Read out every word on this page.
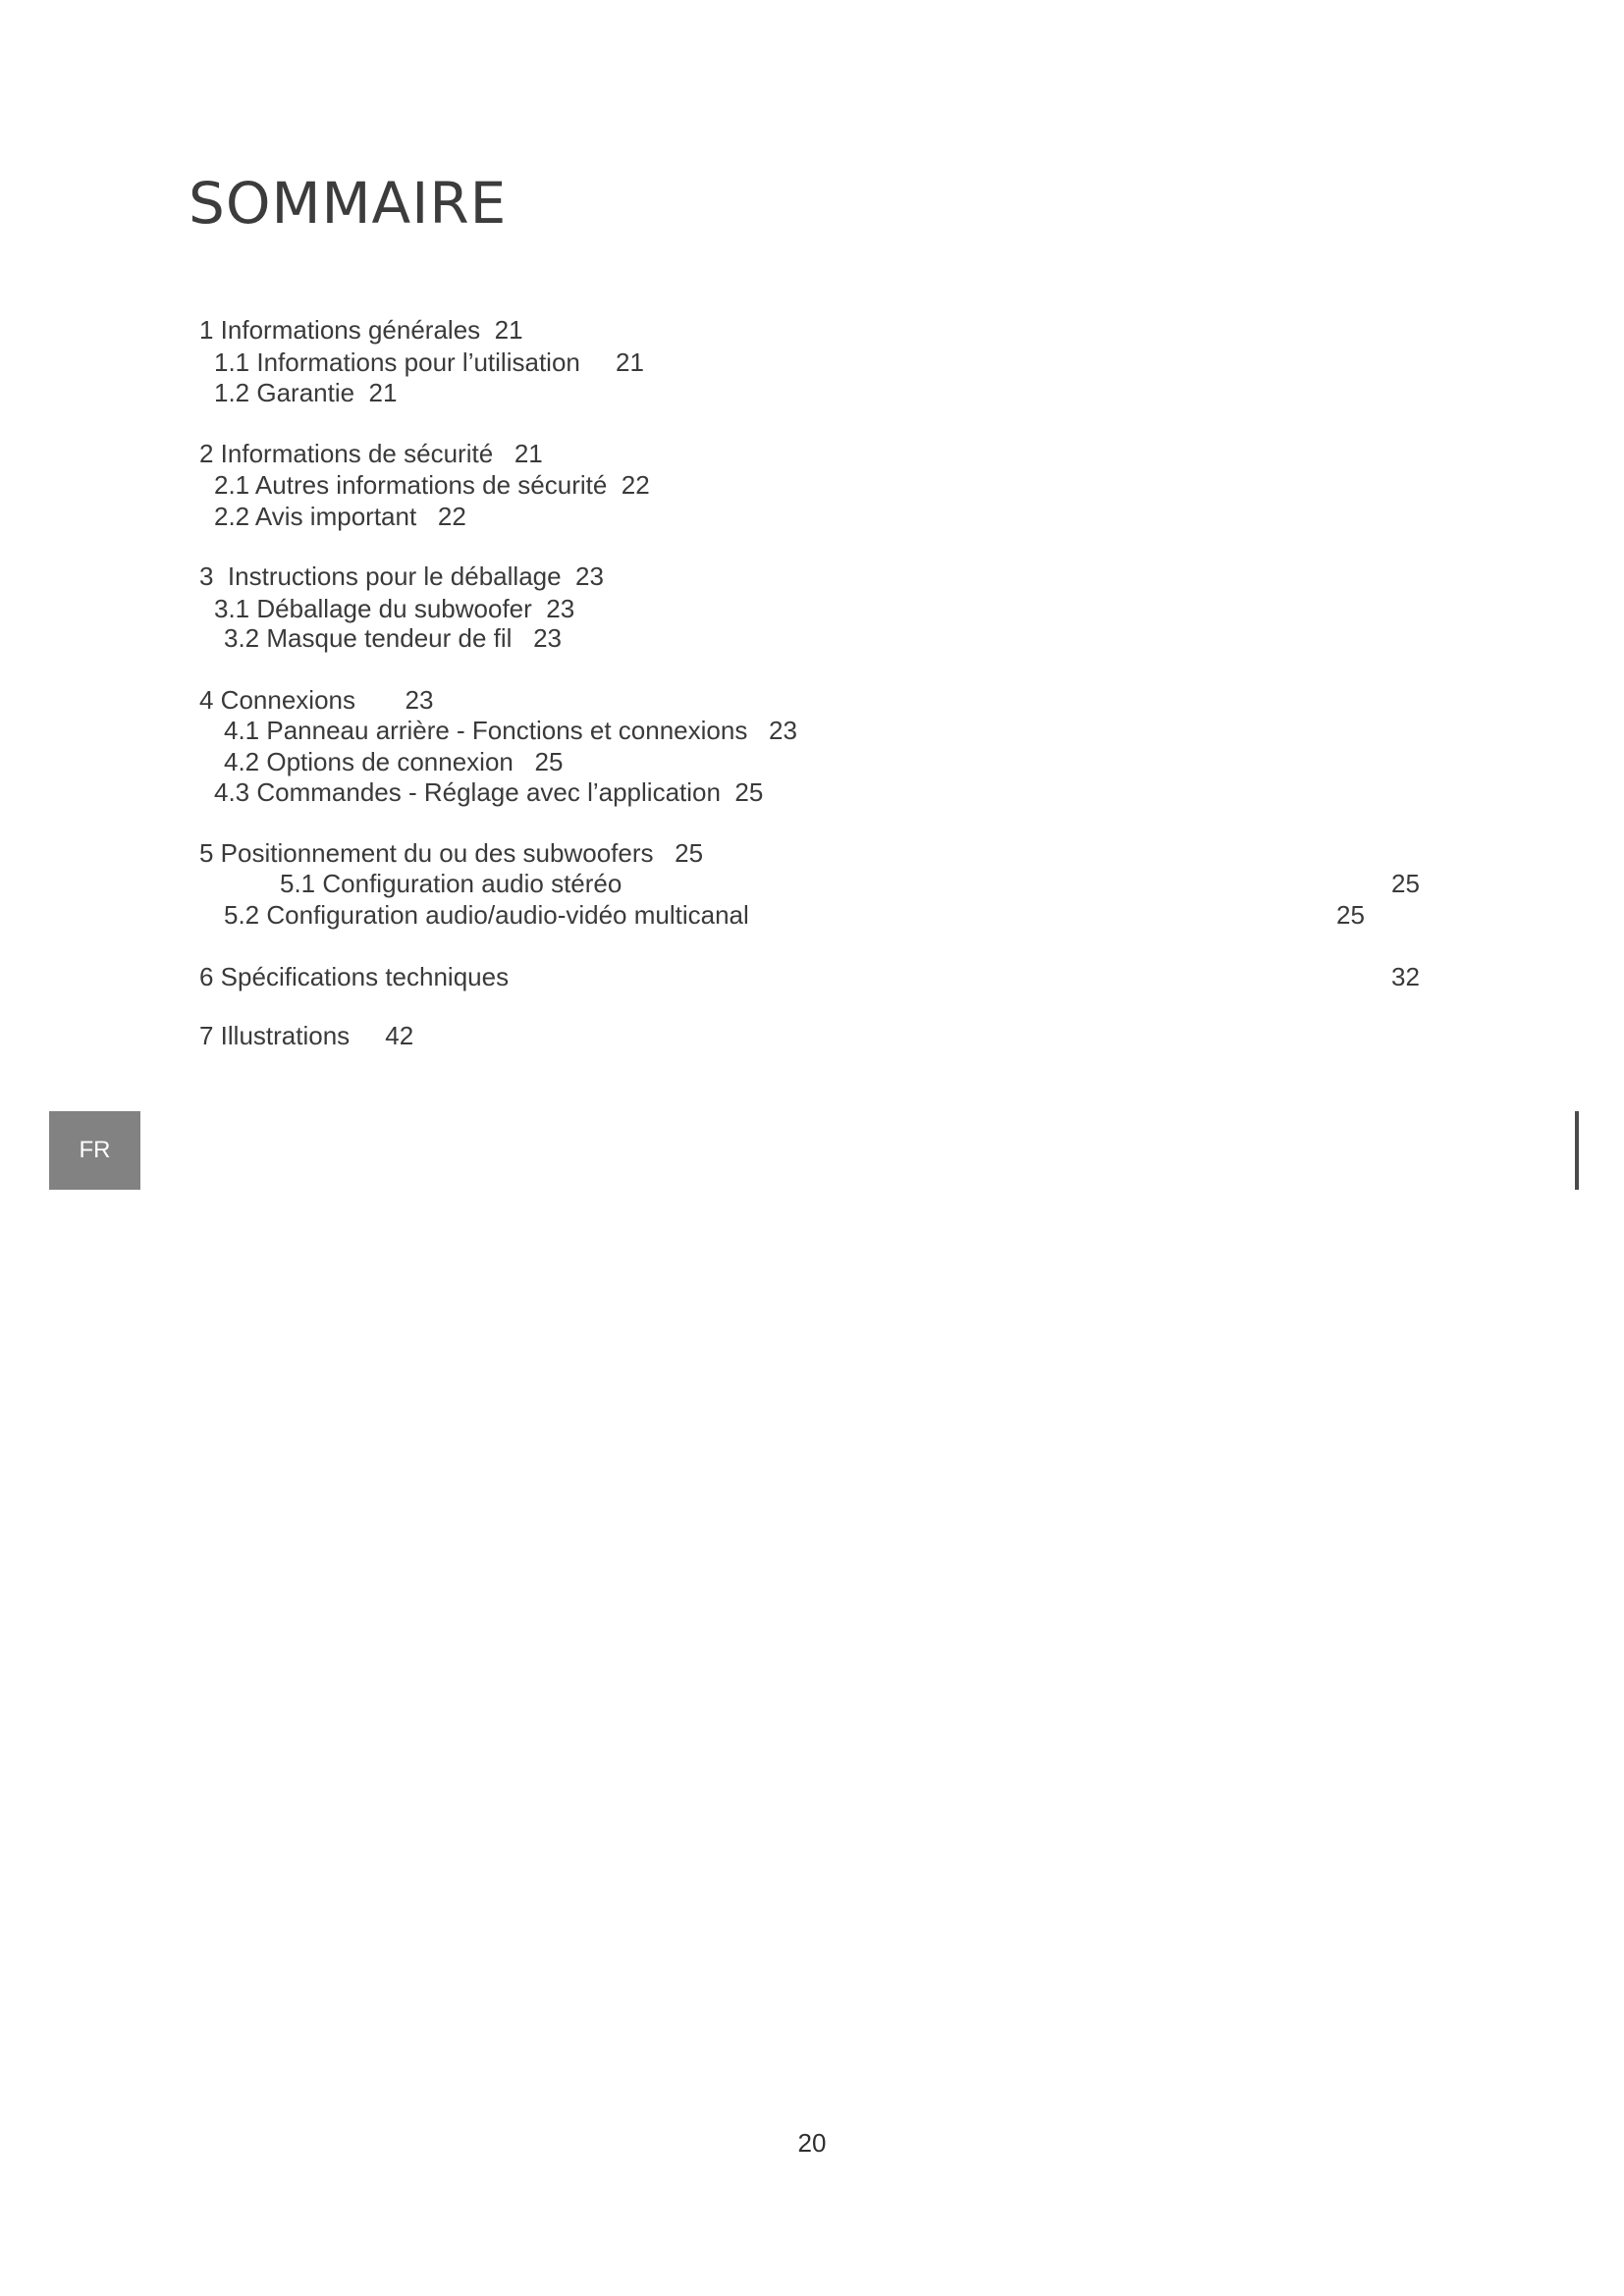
SOMMAIRE
1 Informations générales  21
1.1 Informations pour l’utilisation     21
1.2 Garantie  21
2 Informations de sécurité   21
2.1 Autres informations de sécurité  22
2.2 Avis important   22
3  Instructions pour le déballage  23
3.1 Déballage du subwoofer  23
3.2 Masque tendeur de fil   23
4 Connexions       23
4.1 Panneau arrière - Fonctions et connexions   23
4.2 Options de connexion   25
4.3 Commandes - Réglage avec l’application  25
5 Positionnement du ou des subwoofers   25
5.1 Configuration audio stéréo	25
5.2 Configuration audio/audio-vidéo multicanal	25
6 Spécifications techniques	32
7 Illustrations     42
FR
20
